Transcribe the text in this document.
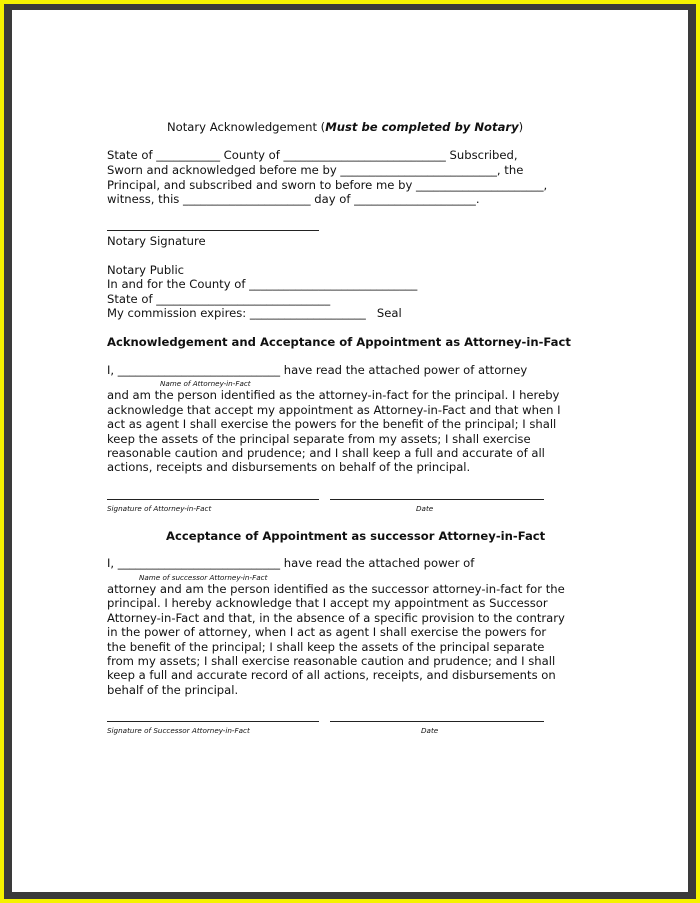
Notary Acknowledgement (Must be completed by Notary)
State of ___________ County of ____________________________ Subscribed,
Sworn and acknowledged before me by ___________________________, the
Principal, and subscribed and sworn to before me by ______________________,
witness, this ______________________ day of _____________________.
Notary Signature
Notary Public
In and for the County of _____________________________
State of ______________________________
My commission expires: ____________________   Seal
Acknowledgement and Acceptance of Appointment as Attorney-in-Fact
I, ____________________________ have read the attached power of attorney
Name of Attorney-in-Fact
and am the person identified as the attorney-in-fact for the principal. I hereby
acknowledge that accept my appointment as Attorney-in-Fact and that when I
act as agent I shall exercise the powers for the benefit of the principal; I shall
keep the assets of the principal separate from my assets; I shall exercise
reasonable caution and prudence; and I shall keep a full and accurate of all
actions, receipts and disbursements on behalf of the principal.
Signature of Attorney-in-Fact	Date
Acceptance of Appointment as successor Attorney-in-Fact
I, ____________________________ have read the attached power of
Name of successor Attorney-in-Fact
attorney and am the person identified as the successor attorney-in-fact for the
principal. I hereby acknowledge that I accept my appointment as Successor
Attorney-in-Fact and that, in the absence of a specific provision to the contrary
in the power of attorney, when I act as agent I shall exercise the powers for
the benefit of the principal; I shall keep the assets of the principal separate
from my assets; I shall exercise reasonable caution and prudence; and I shall
keep a full and accurate record of all actions, receipts, and disbursements on
behalf of the principal.
Signature of Successor Attorney-in-Fact	Date
